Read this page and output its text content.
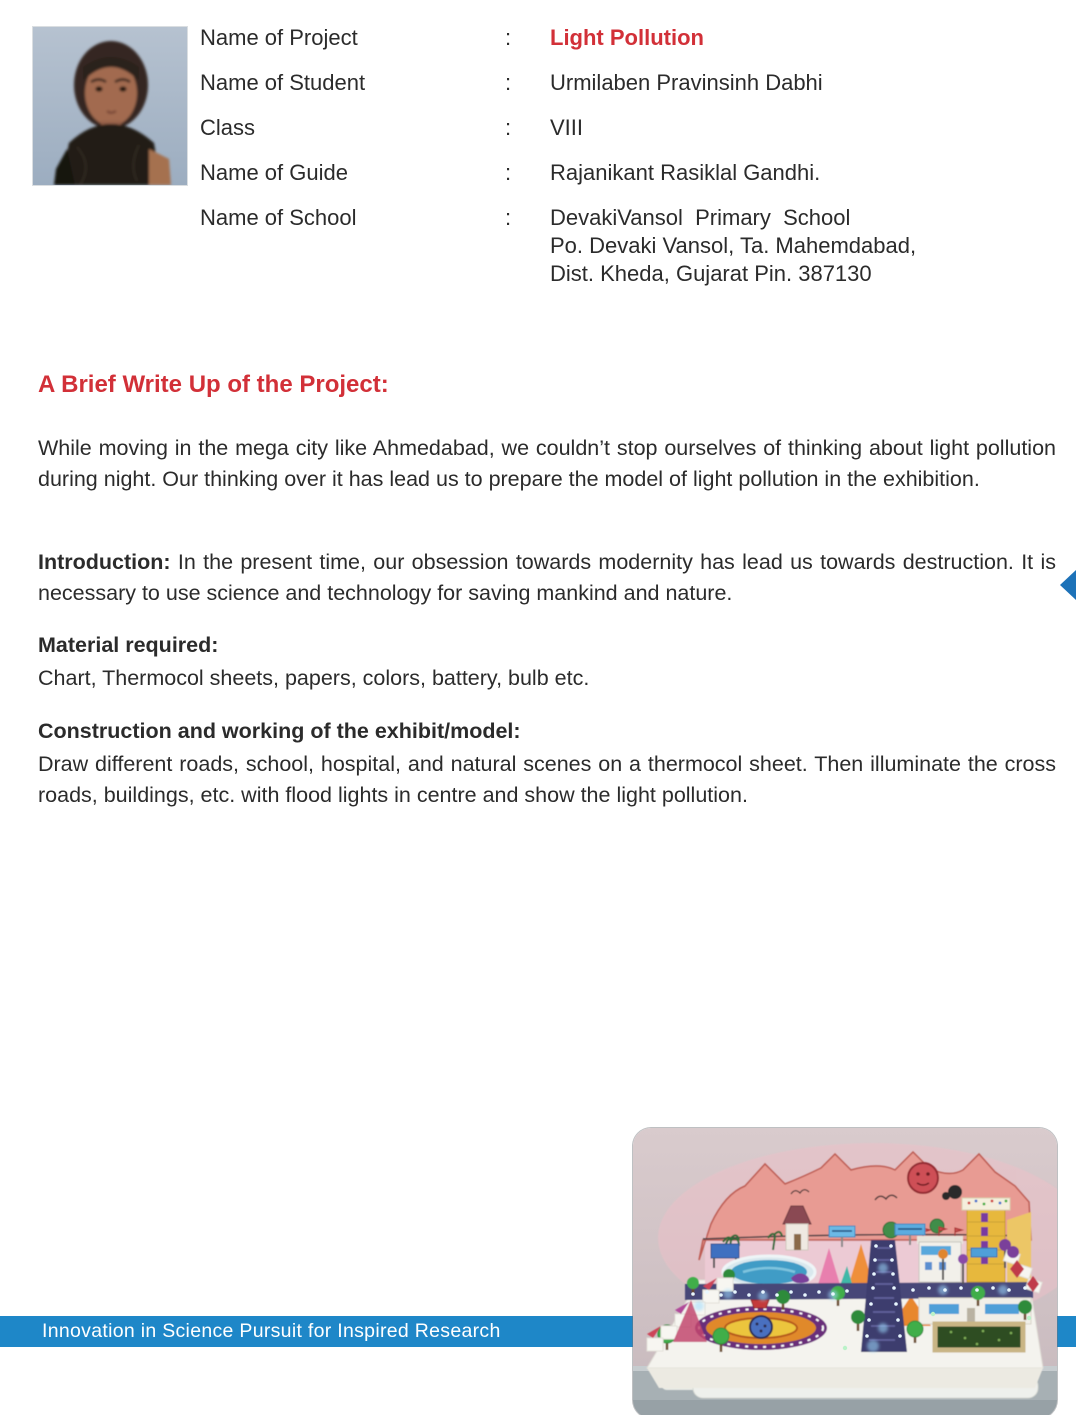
Name of Project	:	Light Pollution
Name of Student	:	Urmilaben Pravinsinh Dabhi
Class	:	VIII
Name of Guide	:	Rajanikant Rasiklal Gandhi.
Name of School	:	DevakiVansol  Primary  School
Po. Devaki Vansol, Ta. Mahemdabad,
Dist. Kheda, Gujarat Pin. 387130
A Brief Write Up of the Project:

While moving in the mega city like Ahmedabad, we couldn’t stop ourselves of thinking about light pollution during night. Our thinking over it has lead us to prepare the model of light pollution in the exhibition.

Introduction: In the present time, our obsession towards modernity has lead us towards destruction. It is necessary to use science and technology for saving mankind and nature.

Material required:

Chart, Thermocol sheets, papers, colors, battery, bulb etc.

Construction and working of the exhibit/model:

Draw different roads, school, hospital, and natural scenes on a thermocol sheet. Then illuminate the cross roads, buildings, etc. with flood lights in centre and show the light pollution.

Innovation in Science Pursuit for Inspired Research
